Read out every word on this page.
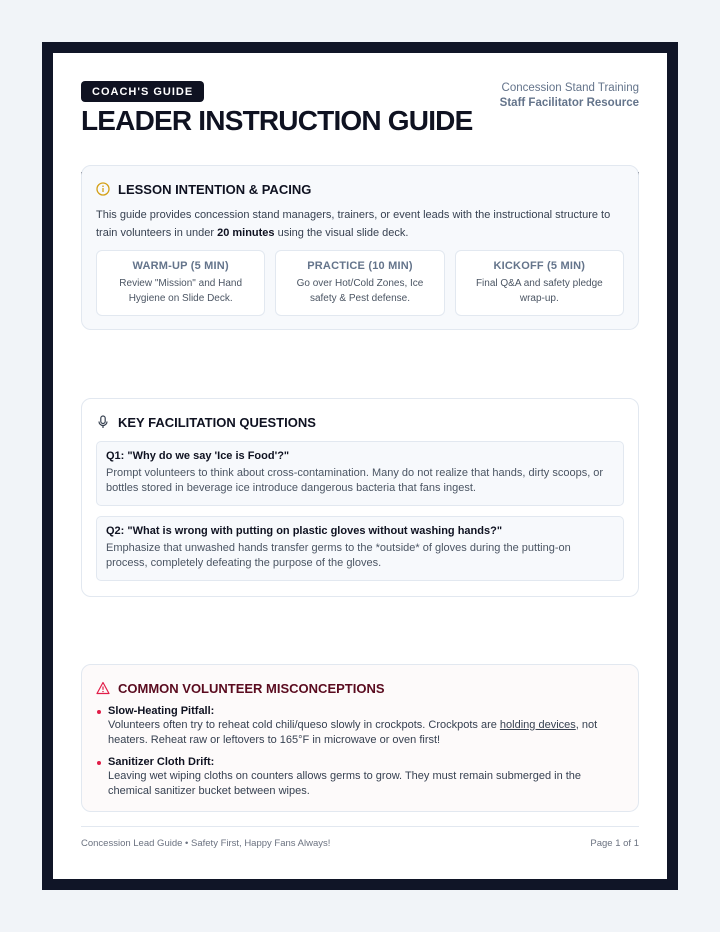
COACH'S GUIDE
LEADER INSTRUCTION GUIDE
Concession Stand Training
Staff Facilitator Resource
LESSON INTENTION & PACING

This guide provides concession stand managers, trainers, or event leads with the instructional structure to train volunteers in under 20 minutes using the visual slide deck.

WARM-UP (5 MIN)
Review "Mission" and Hand Hygiene on Slide Deck.
PRACTICE (10 MIN)
Go over Hot/Cold Zones, Ice safety & Pest defense.
KICKOFF (5 MIN)
Final Q&A and safety pledge wrap-up.
KEY FACILITATION QUESTIONS
Q1: "Why do we say 'Ice is Food'?"
Prompt volunteers to think about cross-contamination. Many do not realize that hands, dirty scoops, or bottles stored in beverage ice introduce dangerous bacteria that fans ingest.
Q2: "What is wrong with putting on plastic gloves without washing hands?"
Emphasize that unwashed hands transfer germs to the *outside* of gloves during the putting-on process, completely defeating the purpose of the gloves.
COMMON VOLUNTEER MISCONCEPTIONS
Slow-Heating Pitfall:
Volunteers often try to reheat cold chili/queso slowly in crockpots. Crockpots are holding devices, not heaters. Reheat raw or leftovers to 165°F in microwave or oven first!
Sanitizer Cloth Drift:
Leaving wet wiping cloths on counters allows germs to grow. They must remain submerged in the chemical sanitizer bucket between wipes.
Concession Lead Guide • Safety First, Happy Fans Always!	Page 1 of 1
